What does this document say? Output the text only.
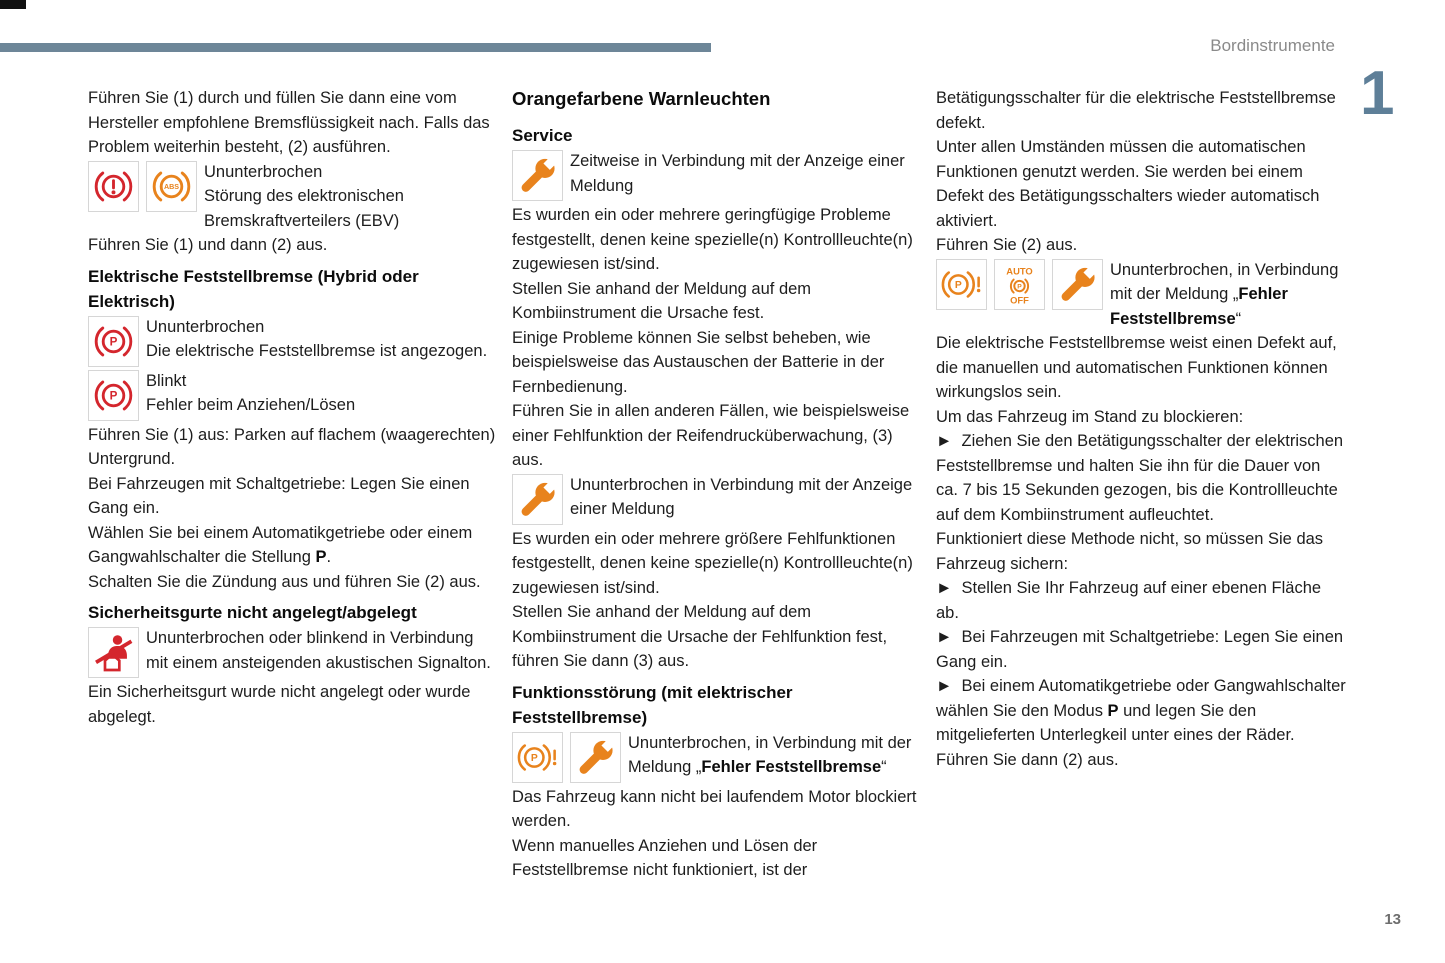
Bordinstrumente
1

Führen Sie (1) durch und füllen Sie dann eine vom Hersteller empfohlene Bremsflüssigkeit nach. Falls das Problem weiterhin besteht, (2) ausführen.

Ununterbrochen
Störung des elektronischen Bremskraftverteilers (EBV)

Führen Sie (1) und dann (2) aus.

Elektrische Feststellbremse (Hybrid oder Elektrisch)
Ununterbrochen
Die elektrische Feststellbremse ist angezogen.
Blinkt
Fehler beim Anziehen/Lösen

Führen Sie (1) aus: Parken auf flachem (waagerechten) Untergrund.

Bei Fahrzeugen mit Schaltgetriebe: Legen Sie einen Gang ein.

Wählen Sie bei einem Automatikgetriebe oder einem Gangwahlschalter die Stellung P.

Schalten Sie die Zündung aus und führen Sie (2) aus.

Sicherheitsgurte nicht angelegt/abgelegt
Ununterbrochen oder blinkend in Verbindung mit einem ansteigenden akustischen Signalton.

Ein Sicherheitsgurt wurde nicht angelegt oder wurde abgelegt.

Orangefarbene Warnleuchten
Service
Zeitweise in Verbindung mit der Anzeige einer Meldung

Es wurden ein oder mehrere geringfügige Probleme festgestellt, denen keine spezielle(n) Kontrollleuchte(n) zugewiesen ist/sind.

Stellen Sie anhand der Meldung auf dem Kombiinstrument die Ursache fest.

Einige Probleme können Sie selbst beheben, wie beispielsweise das Austauschen der Batterie in der Fernbedienung.

Führen Sie in allen anderen Fällen, wie beispielsweise einer Fehlfunktion der Reifendrucküberwachung, (3) aus.

Ununterbrochen in Verbindung mit der Anzeige einer Meldung

Es wurden ein oder mehrere größere Fehlfunktionen festgestellt, denen keine spezielle(n) Kontrollleuchte(n) zugewiesen ist/sind.

Stellen Sie anhand der Meldung auf dem Kombiinstrument die Ursache der Fehlfunktion fest, führen Sie dann (3) aus.

Funktionsstörung (mit elektrischer Feststellbremse)
Ununterbrochen, in Verbindung mit der Meldung „Fehler Feststellbremse“

Das Fahrzeug kann nicht bei laufendem Motor blockiert werden.

Wenn manuelles Anziehen und Lösen der Feststellbremse nicht funktioniert, ist der

Betätigungsschalter für die elektrische Feststellbremse defekt.

Unter allen Umständen müssen die automatischen Funktionen genutzt werden. Sie werden bei einem Defekt des Betätigungsschalters wieder automatisch aktiviert.

Führen Sie (2) aus.

Ununterbrochen, in Verbindung mit der Meldung „Fehler Feststellbremse“

Die elektrische Feststellbremse weist einen Defekt auf, die manuellen und automatischen Funktionen können wirkungslos sein.

Um das Fahrzeug im Stand zu blockieren:

►  Ziehen Sie den Betätigungsschalter der elektrischen Feststellbremse und halten Sie ihn für die Dauer von ca. 7 bis 15 Sekunden gezogen, bis die Kontrollleuchte auf dem Kombiinstrument aufleuchtet.

Funktioniert diese Methode nicht, so müssen Sie das Fahrzeug sichern:

►  Stellen Sie Ihr Fahrzeug auf einer ebenen Fläche ab.

►  Bei Fahrzeugen mit Schaltgetriebe: Legen Sie einen Gang ein.

►  Bei einem Automatikgetriebe oder Gangwahlschalter wählen Sie den Modus P und legen Sie den mitgelieferten Unterlegkeil unter eines der Räder.

Führen Sie dann (2) aus.

13
